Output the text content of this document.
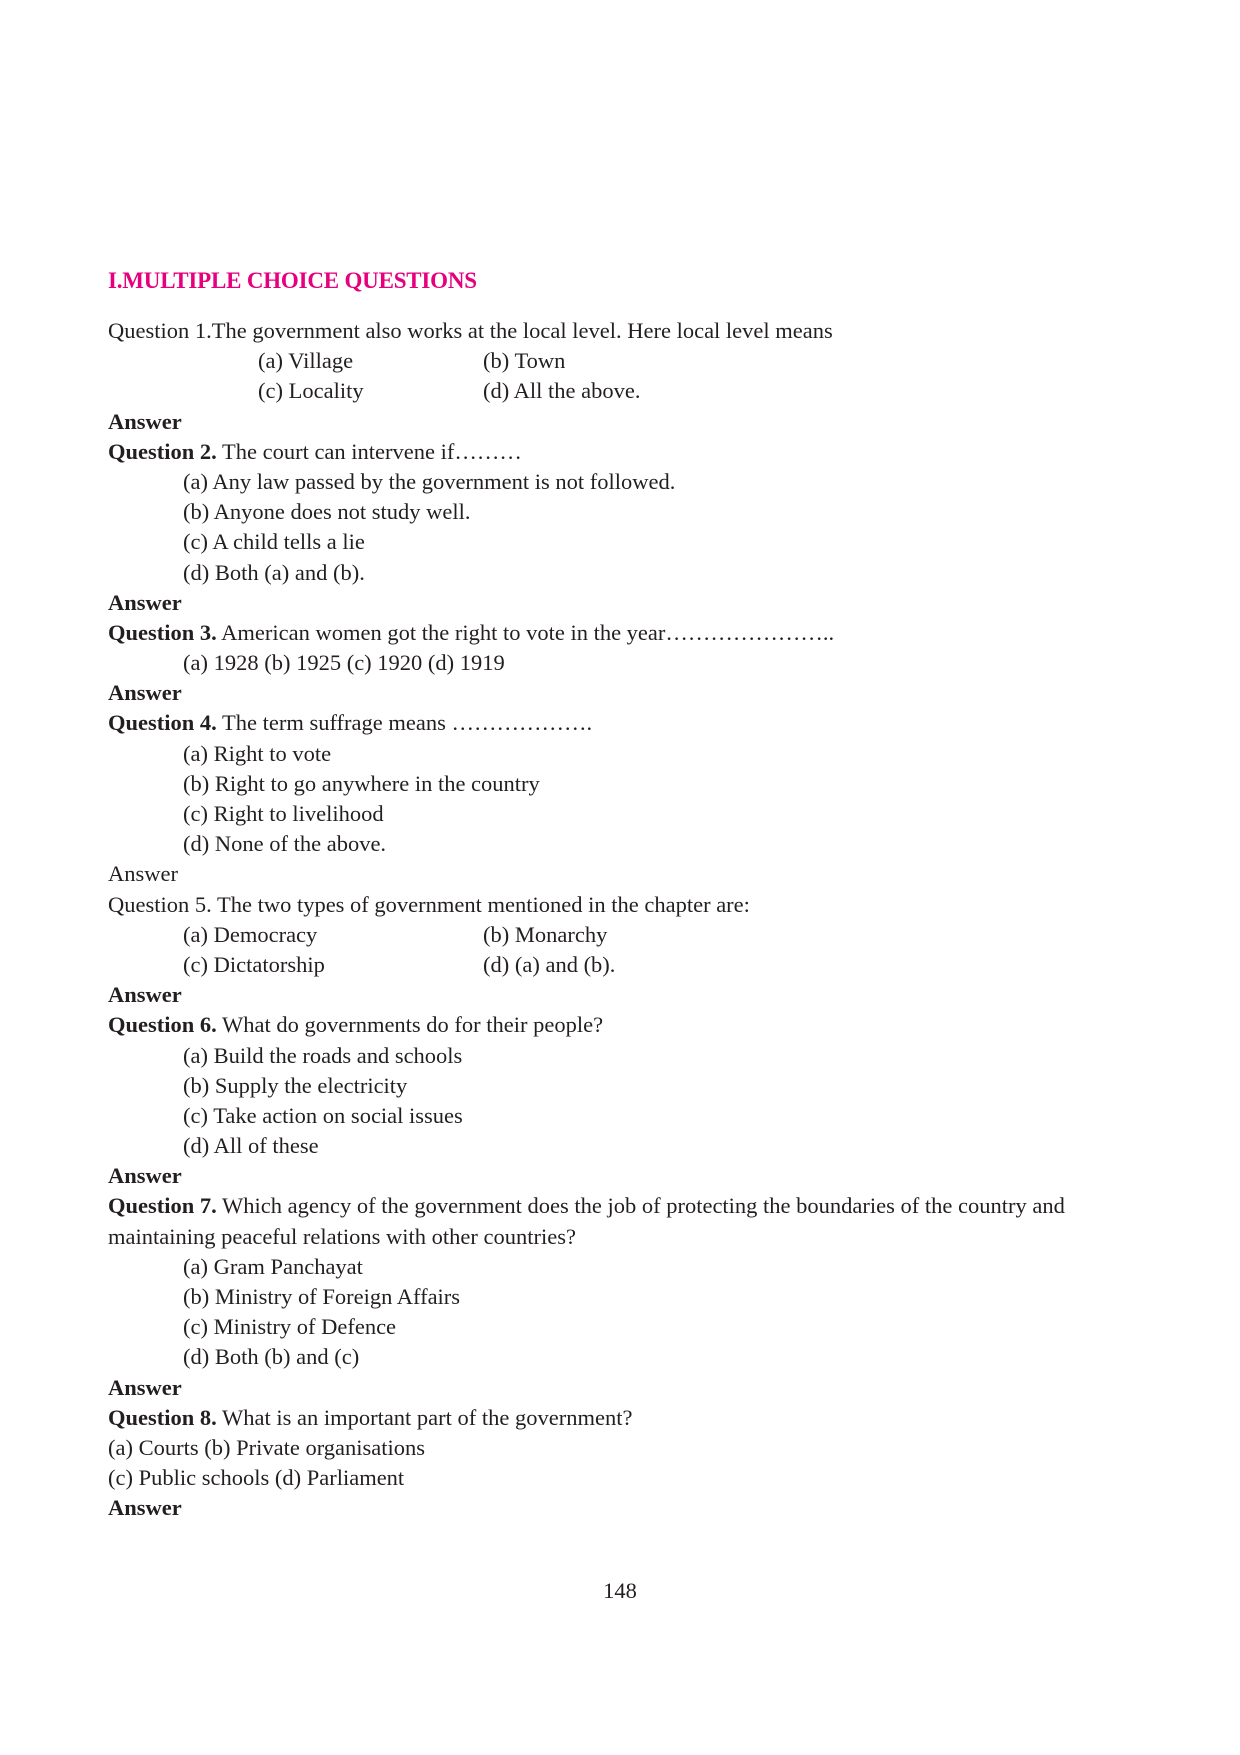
I.MULTIPLE CHOICE QUESTIONS
Question 1.The government also works at the local level. Here local level means
(a) Village	(b) Town
(c) Locality	(d) All the above.
Answer
Question 2. The court can intervene if………
(a) Any law passed by the government is not followed.
(b) Anyone does not study well.
(c) A child tells a lie
(d) Both (a) and (b).
Answer
Question 3. American women got the right to vote in the year…………………..
(a) 1928 (b) 1925 (c) 1920 (d) 1919
Answer
Question 4. The term suffrage means ……………….
(a) Right to vote
(b) Right to go anywhere in the country
(c) Right to livelihood
(d) None of the above.
Answer
Question 5. The two types of government mentioned in the chapter are:
(a) Democracy	(b) Monarchy
(c) Dictatorship	(d) (a) and (b).
Answer
Question 6. What do governments do for their people?
(a) Build the roads and schools
(b) Supply the electricity
(c) Take action on social issues
(d) All of these
Answer
Question 7. Which agency of the government does the job of protecting the boundaries of the country and maintaining peaceful relations with other countries?
(a) Gram Panchayat
(b) Ministry of Foreign Affairs
(c) Ministry of Defence
(d) Both (b) and (c)
Answer
Question 8. What is an important part of the government?
(a) Courts (b) Private organisations
(c) Public schools (d) Parliament
Answer
148
